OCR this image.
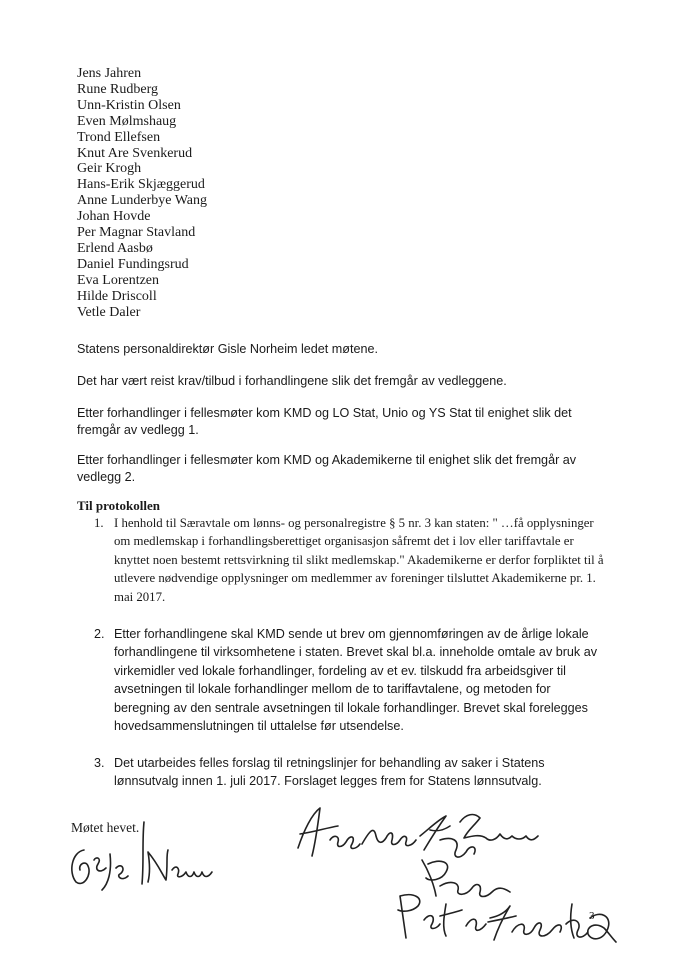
Jens Jahren
Rune Rudberg
Unn-Kristin Olsen
Even Mølmshaug
Trond Ellefsen
Knut Are Svenkerud
Geir Krogh
Hans-Erik Skjæggerud
Anne Lunderbye Wang
Johan Hovde
Per Magnar Stavland
Erlend Aasbø
Daniel Fundingsrud
Eva Lorentzen
Hilde Driscoll
Vetle Daler
Statens personaldirektør Gisle Norheim ledet møtene.
Det har vært reist krav/tilbud i forhandlingene slik det fremgår av vedleggene.
Etter forhandlinger i fellesmøter kom KMD og LO Stat, Unio og YS Stat til enighet slik det fremgår av vedlegg 1.
Etter forhandlinger i fellesmøter kom KMD og Akademikerne til enighet slik det fremgår av vedlegg 2.
Til protokollen
1. I henhold til Særavtale om lønns- og personalregistre § 5 nr. 3 kan staten: " …få opplysninger om medlemskap i forhandlingsberettiget organisasjon såfremt det i lov eller tariffavtale er knyttet noen bestemt rettsvirkning til slikt medlemskap." Akademikerne er derfor forpliktet til å utlevere nødvendige opplysninger om medlemmer av foreninger tilsluttet Akademikerne pr. 1. mai 2017.
2. Etter forhandlingene skal KMD sende ut brev om gjennomføringen av de årlige lokale forhandlingene til virksomhetene i staten. Brevet skal bl.a. inneholde omtale av bruk av virkemidler ved lokale forhandlinger, fordeling av et ev. tilskudd fra arbeidsgiver til avsetningen til lokale forhandlinger mellom de to tariffavtalene, og metoden for beregning av den sentrale avsetningen til lokale forhandlinger. Brevet skal forelegges hovedsammenslutningen til uttalelse før utsendelse.
3. Det utarbeides felles forslag til retningslinjer for behandling av saker i Statens lønnsutvalg innen 1. juli 2017. Forslaget legges frem for Statens lønnsutvalg.
Møtet hevet.
3
